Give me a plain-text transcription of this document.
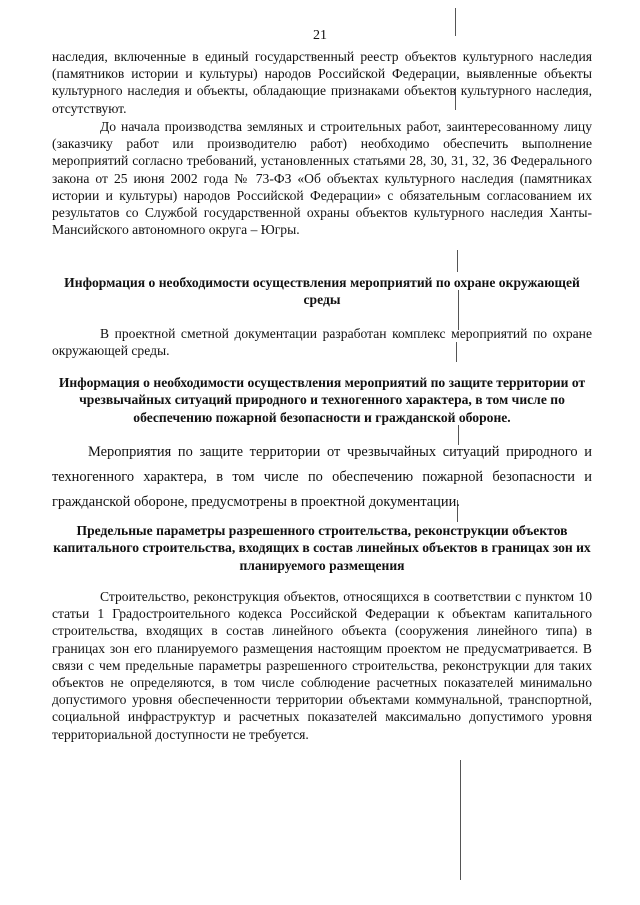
21

наследия, включенные в единый государственный реестр объектов культурного наследия (памятников истории и культуры) народов Российской Федерации, выявленные объекты культурного наследия и объекты, обладающие признаками объектов культурного наследия, отсутствуют.

До начала производства земляных и строительных работ, заинтересованному лицу (заказчику работ или производителю работ) необходимо обеспечить выполнение мероприятий согласно требований, установленных статьями 28, 30, 31, 32, 36 Федерального закона от 25 июня 2002 года № 73-ФЗ «Об объектах культурного наследия (памятниках истории и культуры) народов Российской Федерации» с обязательным согласованием их результатов со Службой государственной охраны объектов культурного наследия Ханты-Мансийского автономного округа – Югры.

Информация о необходимости осуществления мероприятий по охране окружающей среды

В проектной сметной документации разработан комплекс мероприятий по охране окружающей среды.

Информация о необходимости осуществления мероприятий по защите территории от чрезвычайных ситуаций природного и техногенного характера, в том числе по обеспечению пожарной безопасности и гражданской обороне.

Мероприятия по защите территории от чрезвычайных ситуаций природного и техногенного характера, в том числе по обеспечению пожарной безопасности и гражданской обороне, предусмотрены в проектной документации.

Предельные параметры разрешенного строительства, реконструкции объектов капитального строительства, входящих в состав линейных объектов в границах зон их планируемого размещения

Строительство, реконструкция объектов, относящихся в соответствии с пунктом 10 статьи 1 Градостроительного кодекса Российской Федерации к объектам капитального строительства, входящих в состав линейного объекта (сооружения линейного типа) в границах зон его планируемого размещения настоящим проектом не предусматривается. В связи с чем предельные параметры разрешенного строительства, реконструкции для таких объектов не определяются, в том числе соблюдение расчетных показателей минимально допустимого уровня обеспеченности территории объектами коммунальной, транспортной, социальной инфраструктур и расчетных показателей максимально допустимого уровня территориальной доступности не требуется.
